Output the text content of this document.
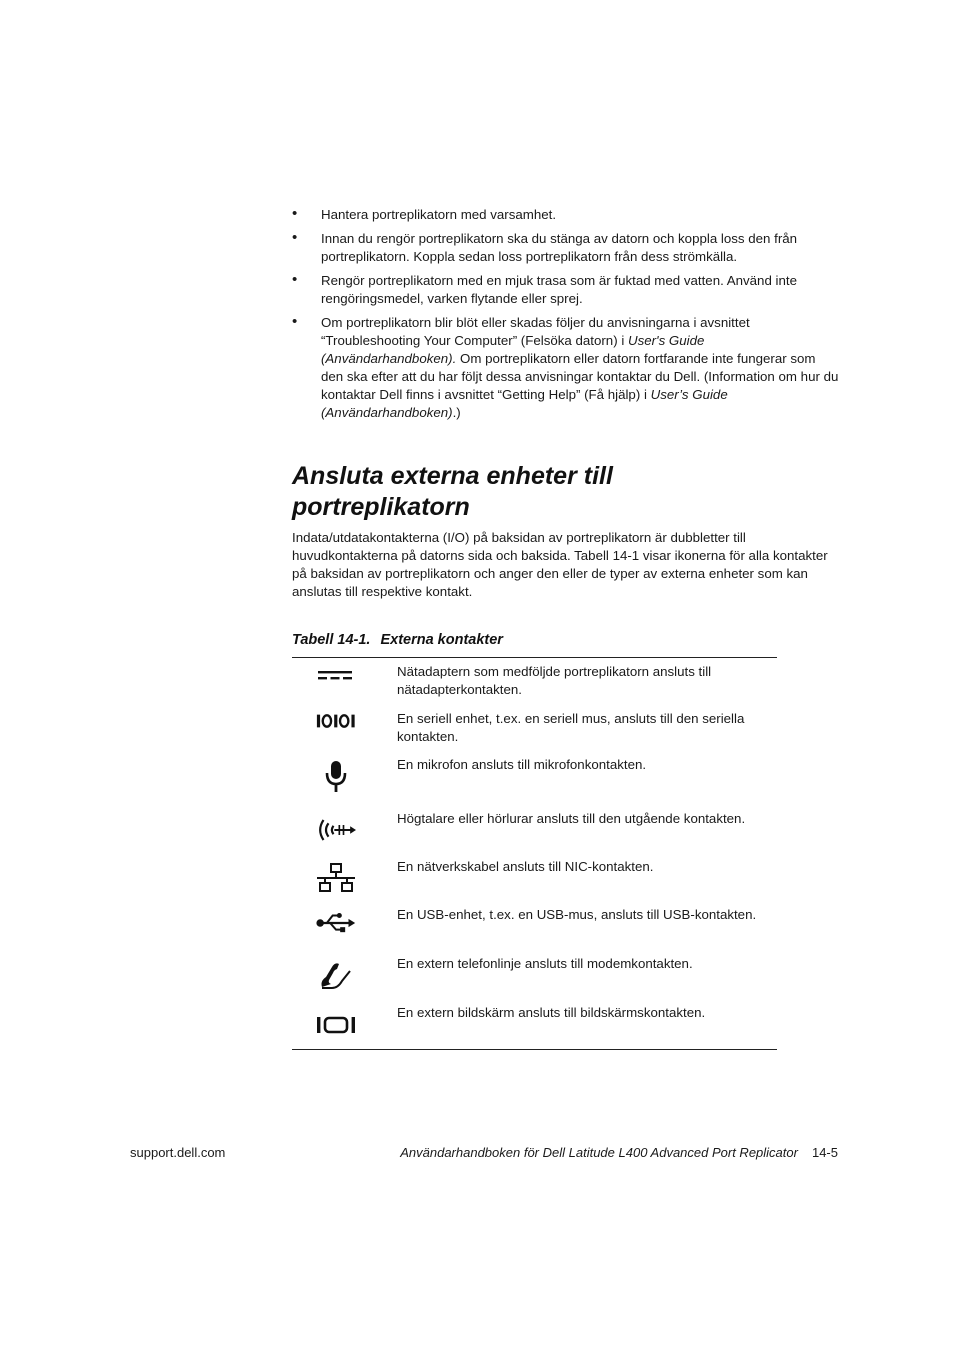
• Hantera portreplikatorn med varsamhet.
• Innan du rengör portreplikatorn ska du stänga av datorn och koppla loss den från portreplikatorn. Koppla sedan loss portreplikatorn från dess strömkälla.
• Rengör portreplikatorn med en mjuk trasa som är fuktad med vatten. Använd inte rengöringsmedel, varken flytande eller sprej.
• Om portreplikatorn blir blöt eller skadas följer du anvisningarna i avsnittet “Troubleshooting Your Computer” (Felsöka datorn) i User's Guide (Användarhandboken). Om portreplikatorn eller datorn fortfarande inte fungerar som den ska efter att du har följt dessa anvisningar kontaktar du Dell. (Information om hur du kontaktar Dell finns i avsnittet “Getting Help” (Få hjälp) i User’s Guide (Användarhandboken).)
Ansluta externa enheter till portreplikatorn

Indata/utdatakontakterna (I/O) på baksidan av portreplikatorn är dubbletter till huvudkontakterna på datorns sida och baksida. Tabell 14-1 visar ikonerna för alla kontakter på baksidan av portreplikatorn och anger den eller de typer av externa enheter som kan anslutas till respektive kontakt.

Tabell 14-1. Externa kontakter
Nätadaptern som medföljde portreplikatorn ansluts till nätadapterkontakten.
En seriell enhet, t.ex. en seriell mus, ansluts till den seriella kontakten.
En mikrofon ansluts till mikrofonkontakten.
Högtalare eller hörlurar ansluts till den utgående kontakten.
En nätverkskabel ansluts till NIC-kontakten.
En USB-enhet, t.ex. en USB-mus, ansluts till USB-kontakten.
En extern telefonlinje ansluts till modemkontakten.
En extern bildskärm ansluts till bildskärmskontakten.
support.dell.com	Användarhandboken för Dell Latitude L400 Advanced Port Replicator 14-5
